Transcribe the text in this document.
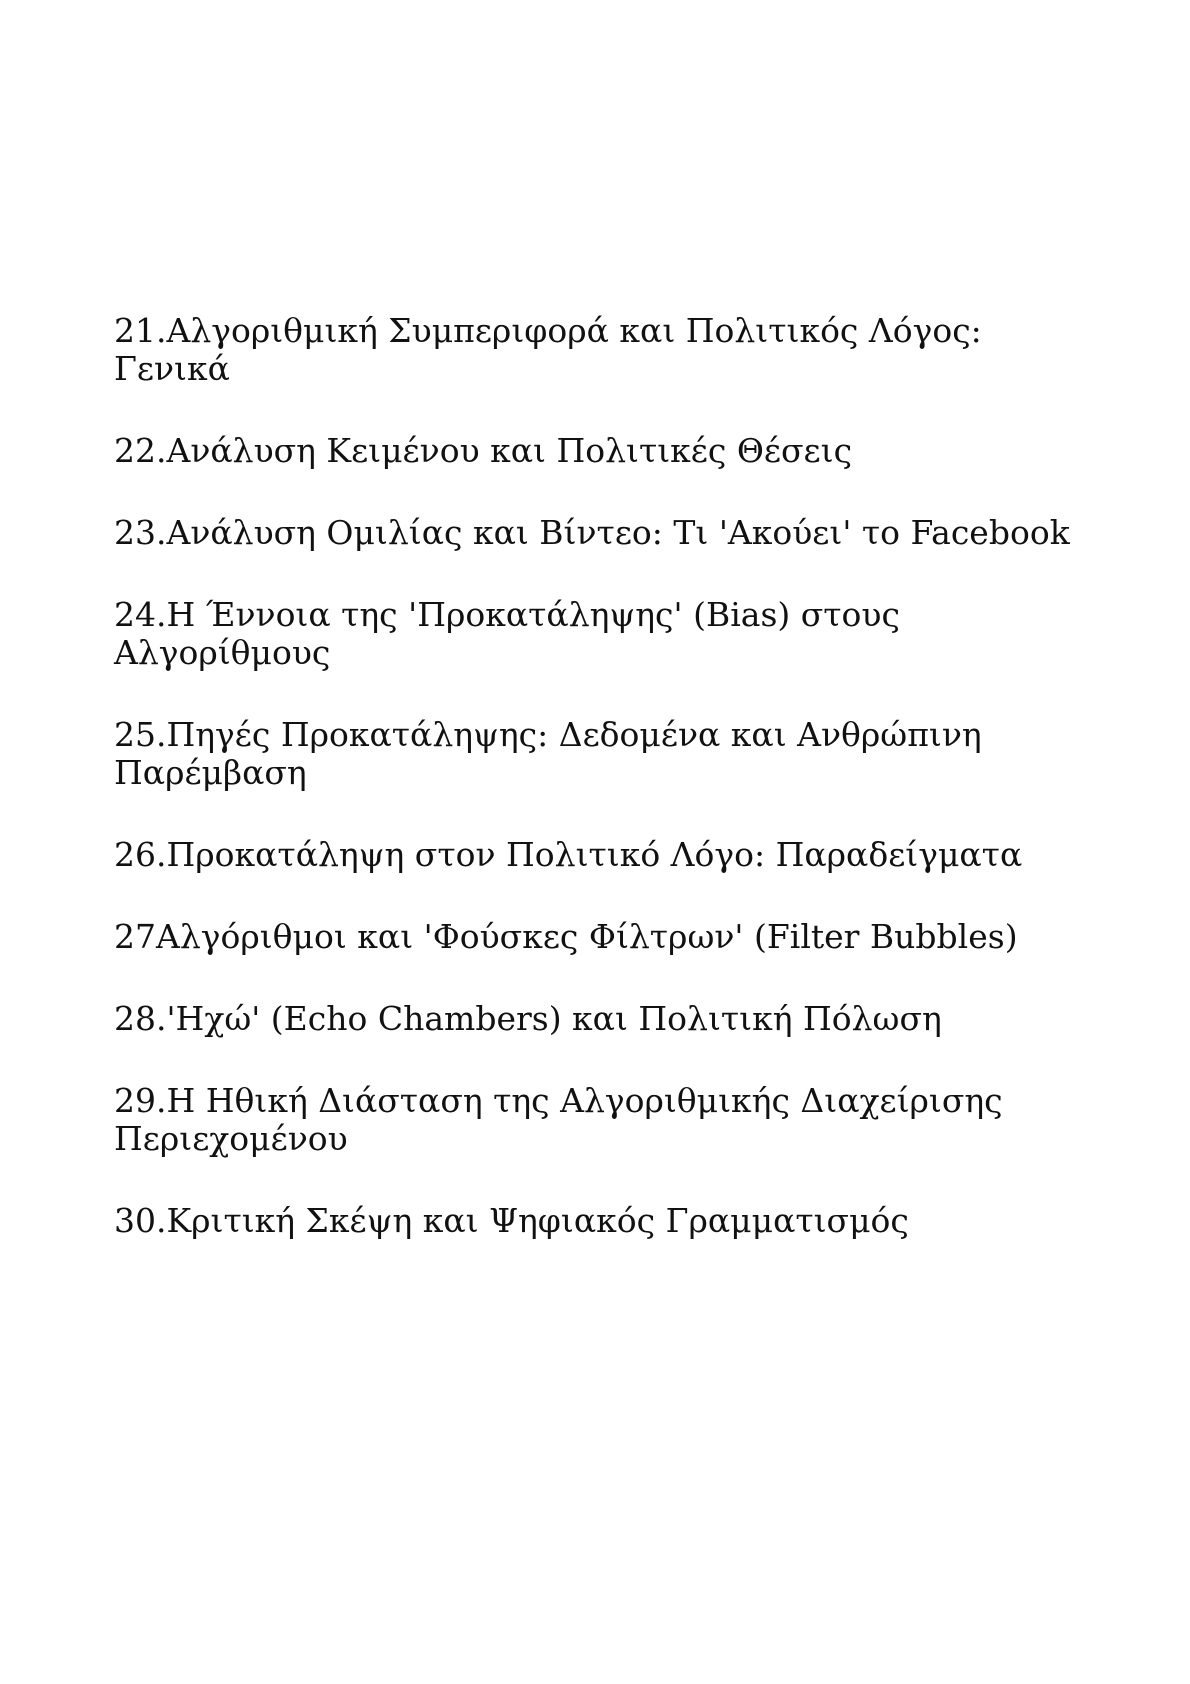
21.Αλγοριθμική Συμπεριφορά και Πολιτικός Λόγος: Γενικά
22.Ανάλυση Κειμένου και Πολιτικές Θέσεις
23.Ανάλυση Ομιλίας και Βίντεο: Τι 'Ακούει' το Facebook
24.Η Έννοια της 'Προκατάληψης' (Bias) στους Αλγορίθμους
25.Πηγές Προκατάληψης: Δεδομένα και Ανθρώπινη Παρέμβαση
26.Προκατάληψη στον Πολιτικό Λόγο: Παραδείγματα
27Αλγόριθμοι και 'Φούσκες Φίλτρων' (Filter Bubbles)
28.'Ηχώ' (Echo Chambers) και Πολιτική Πόλωση
29.Η Ηθική Διάσταση της Αλγοριθμικής Διαχείρισης Περιεχομένου
30.Κριτική Σκέψη και Ψηφιακός Γραμματισμός
